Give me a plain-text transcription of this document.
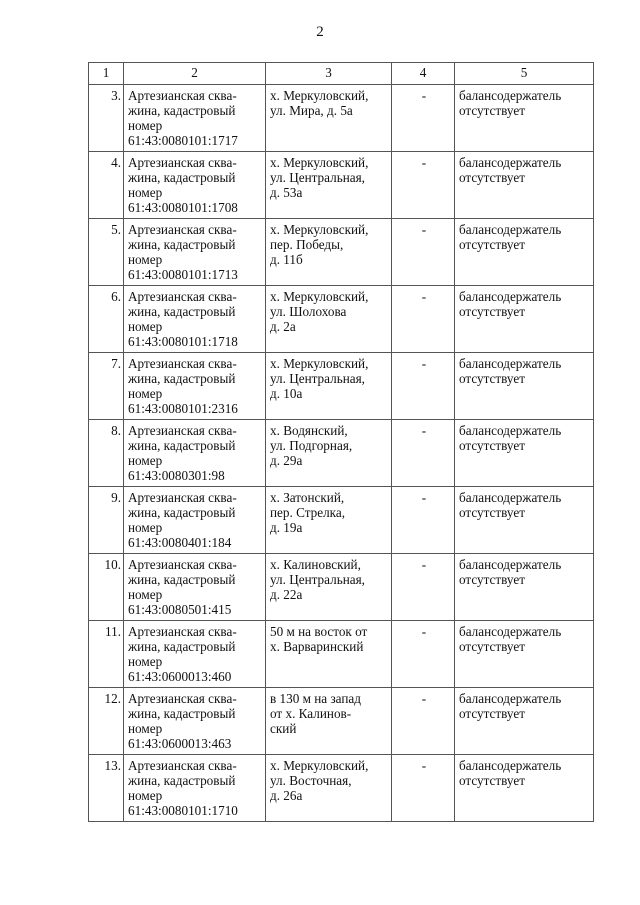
2
1	2	3	4	5
3.	Артезианская сква-
жина, кадастровый
номер
61:43:0080101:1717	х. Меркуловский,
ул. Мира, д. 5а	-	балансодержатель
отсутствует

4.	Артезианская сква-
жина, кадастровый
номер
61:43:0080101:1708	х. Меркуловский,
ул. Центральная,
д. 53а	-	балансодержатель
отсутствует

5.	Артезианская сква-
жина, кадастровый
номер
61:43:0080101:1713	х. Меркуловский,
пер. Победы,
д. 11б	-	балансодержатель
отсутствует

6.	Артезианская сква-
жина, кадастровый
номер
61:43:0080101:1718	х. Меркуловский,
ул. Шолохова
д. 2а	-	балансодержатель
отсутствует

7.	Артезианская сква-
жина, кадастровый
номер
61:43:0080101:2316	х. Меркуловский,
ул. Центральная,
д. 10а	-	балансодержатель
отсутствует

8.	Артезианская сква-
жина, кадастровый
номер
61:43:0080301:98	х. Водянский,
ул. Подгорная,
д. 29а	-	балансодержатель
отсутствует

9.	Артезианская сква-
жина, кадастровый
номер
61:43:0080401:184	х. Затонский,
пер. Стрелка,
д. 19а	-	балансодержатель
отсутствует

10.	Артезианская сква-
жина, кадастровый
номер
61:43:0080501:415	х. Калиновский,
ул. Центральная,
д. 22а	-	балансодержатель
отсутствует

11.	Артезианская сква-
жина, кадастровый
номер
61:43:0600013:460	50 м на восток от
х. Варваринский	-	балансодержатель
отсутствует

12.	Артезианская сква-
жина, кадастровый
номер
61:43:0600013:463	в 130 м на запад
от х. Калинов-
ский	-	балансодержатель
отсутствует

13.	Артезианская сква-
жина, кадастровый
номер
61:43:0080101:1710	х. Меркуловский,
ул. Восточная,
д. 26а	-	балансодержатель
отсутствует
